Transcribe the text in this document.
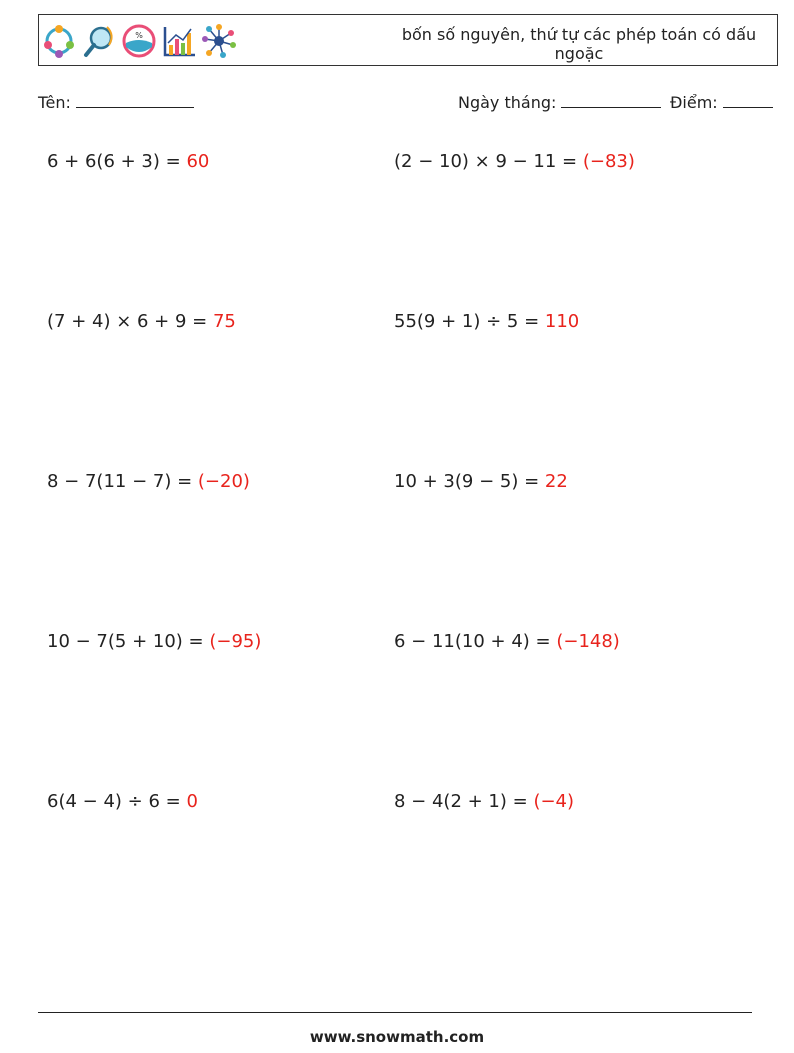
%	bốn số nguyên, thứ tự các phép toán có dấu ngoặc
Tên:	Ngày tháng:	Điểm:
6 + 6(6 + 3) = 60	(2 − 10) × 9 − 11 = (−83)
(7 + 4) × 6 + 9 = 75	55(9 + 1) ÷ 5 = 110
8 − 7(11 − 7) = (−20)	10 + 3(9 − 5) = 22
10 − 7(5 + 10) = (−95)	6 − 11(10 + 4) = (−148)
6(4 − 4) ÷ 6 = 0	8 − 4(2 + 1) = (−4)
www.snowmath.com
